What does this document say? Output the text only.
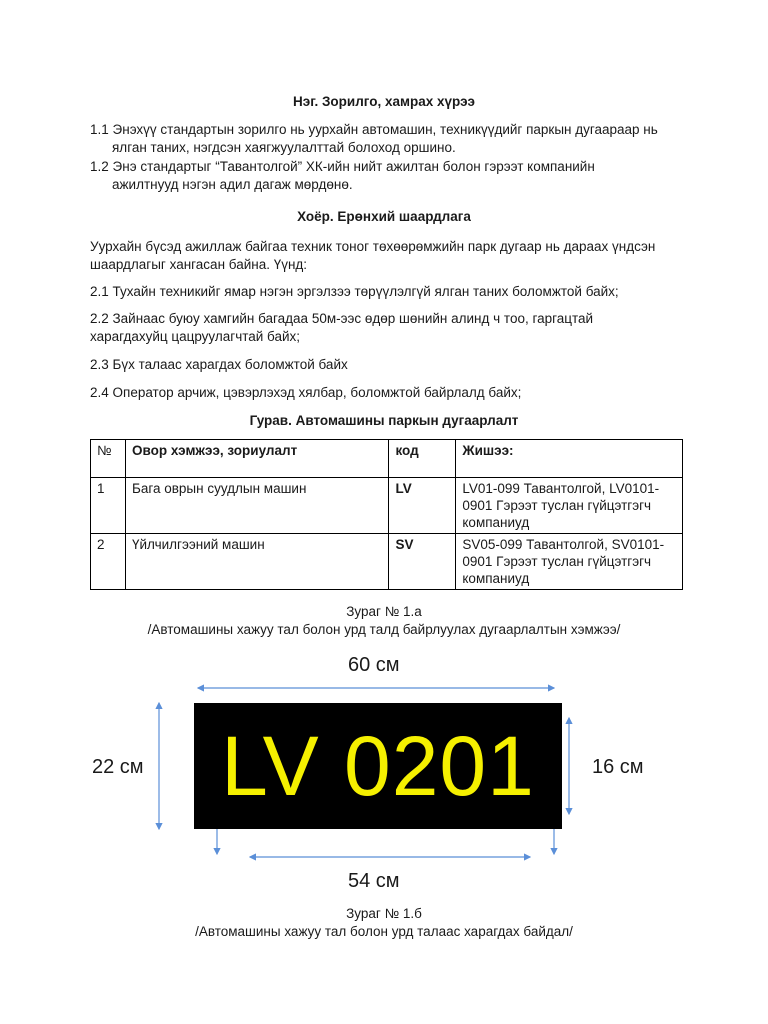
Нэг. Зорилго, хамрах хүрээ
1.1 Энэхүү стандартын зорилго нь уурхайн автомашин, техникүүдийг паркын дугаараар нь
ялган таних, нэгдсэн хаягжуулалттай болоход оршино.
1.2 Энэ стандартыг “Тавантолгой” ХК-ийн нийт ажилтан болон гэрээт компанийн
ажилтнууд нэгэн адил дагаж мөрдөнө.
Хоёр. Ерөнхий шаардлага
Уурхайн бүсэд ажиллаж байгаа техник тоног төхөөрөмжийн парк дугаар нь дараах үндсэн шаардлагыг хангасан байна. Үүнд:
2.1 Тухайн техникийг ямар нэгэн эргэлзээ төрүүлэлгүй ялган таних боломжтой байх;
2.2 Зайнаас буюу хамгийн багадаа 50м-ээс өдөр шөнийн алинд ч тоо, гаргацтай харагдахуйц цацруулагчтай байх;
2.3 Бүх талаас харагдах боломжтой байх
2.4 Оператор арчиж, цэвэрлэхэд хялбар, боломжтой байрлалд байх;
Гурав. Автомашины паркын дугаарлалт
№	Овор хэмжээ, зориулалт	код	Жишээ:
1	Бага оврын суудлын машин	LV	LV01-099 Тавантолгой, LV0101-0901 Гэрээт туслан гүйцэтгэгч компаниуд
2	Үйлчилгээний машин	SV	SV05-099 Тавантолгой, SV0101-0901 Гэрээт туслан гүйцэтгэгч компаниуд
Зураг № 1.а
/Автомашины хажуу тал болон урд талд байрлуулах дугаарлалтын хэмжээ/
LV 0201
60 см
22 см	16 см
54 см
Зураг № 1.б
/Автомашины хажуу тал болон урд талаас харагдах байдал/
